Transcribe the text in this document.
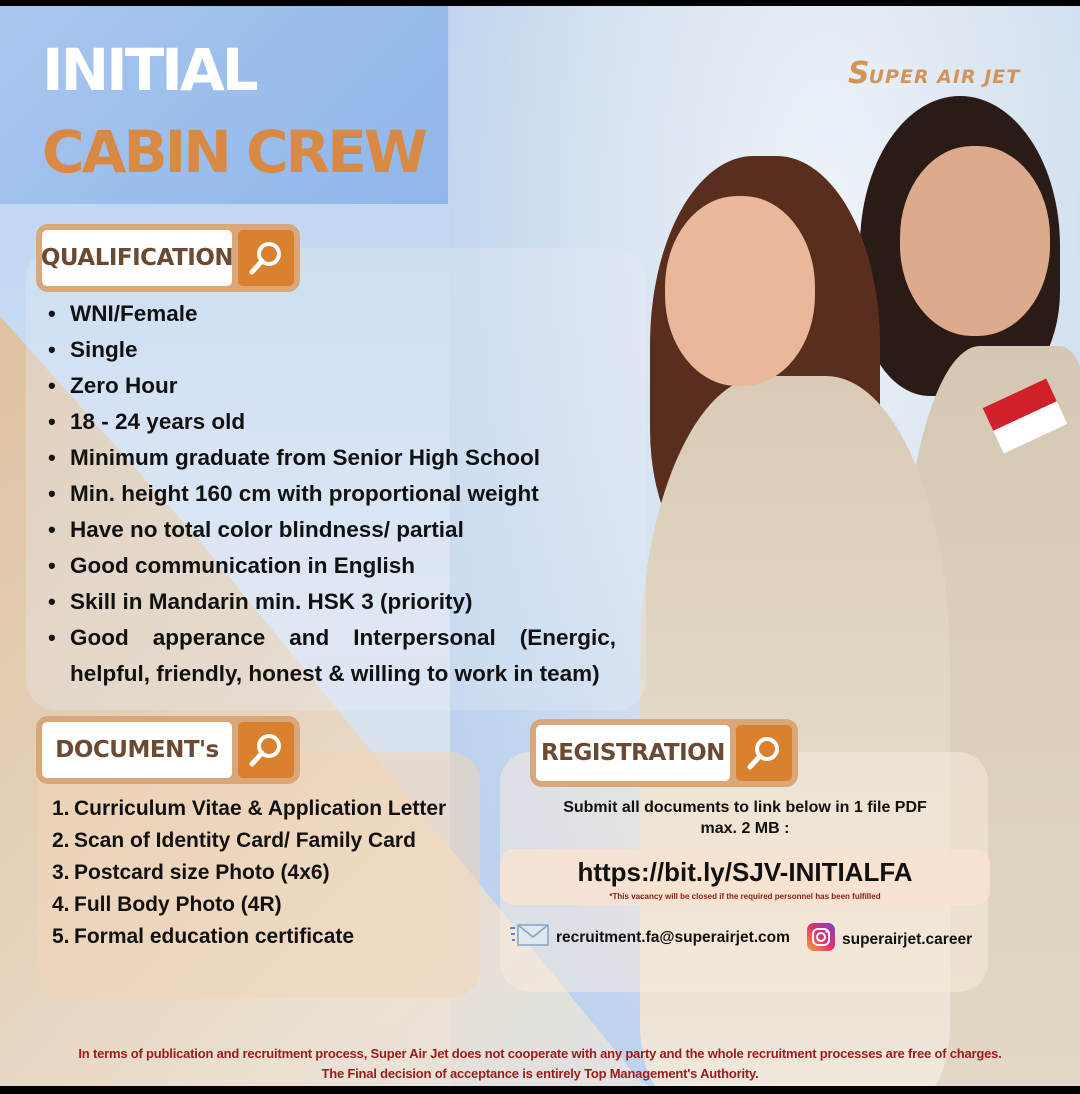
INITIAL
CABIN CREW
SUPER AIR JET
QUALIFICATION
• WNI/Female
• Single
• Zero Hour
• 18 - 24 years old
• Minimum graduate from Senior High School
• Min. height 160 cm with proportional weight
• Have no total color blindness/ partial
• Good communication in English
• Skill in Mandarin min. HSK 3 (priority)
• Good apperance and Interpersonal (Energic, helpful, friendly, honest & willing to work in team)
DOCUMENT's
1. Curriculum Vitae & Application Letter
2. Scan of Identity Card/ Family Card
3. Postcard size Photo (4x6)
4. Full Body Photo (4R)
5. Formal education certificate
REGISTRATION
Submit all documents to link below in 1 file PDF
max. 2 MB :
https://bit.ly/SJV-INITIALFA
*This vacancy will be closed if the required personnel has been fulfilled
recruitment.fa@superairjet.com	superairjet.career
In terms of publication and recruitment process, Super Air Jet does not cooperate with any party and the whole recruitment processes are free of charges.
The Final decision of acceptance is entirely Top Management's Authority.
